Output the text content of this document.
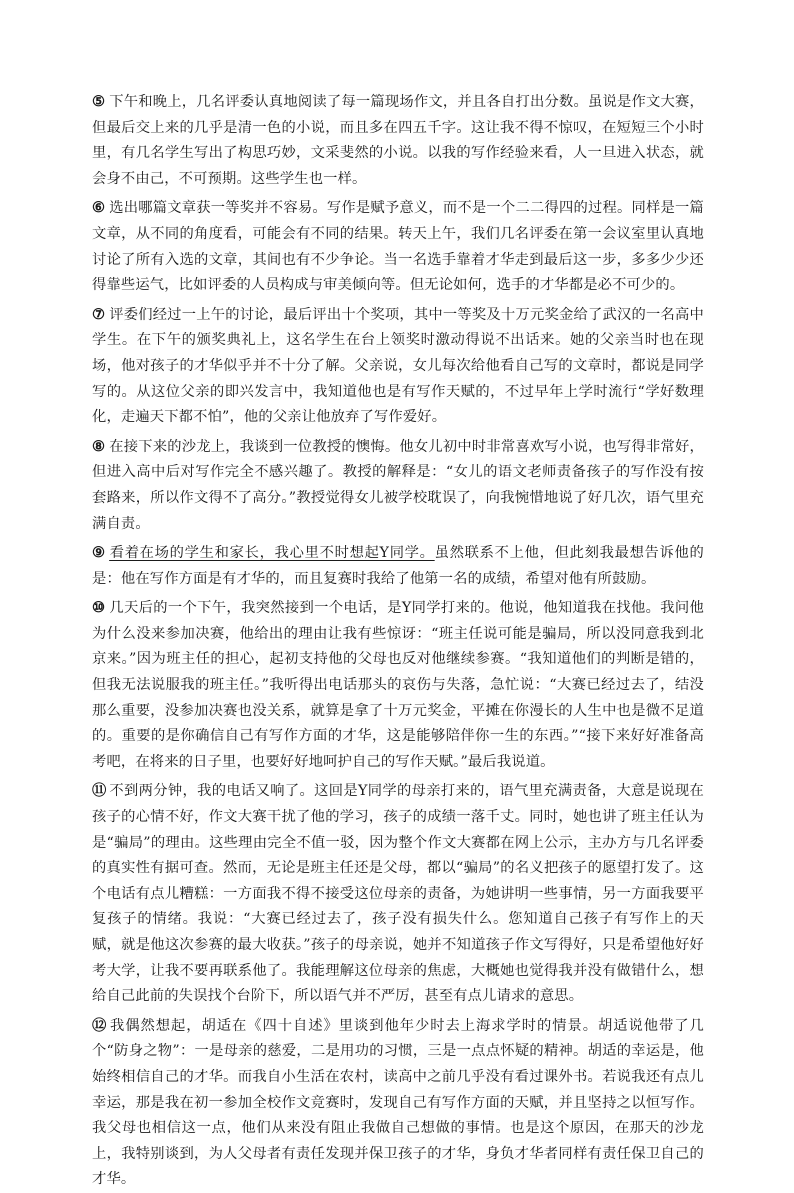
⑤ 下午和晚上，几名评委认真地阅读了每一篇现场作文，并且各自打出分数。虽说是作文大赛，但最后交上来的几乎是清一色的小说，而且多在四五千字。这让我不得不惊叹，在短短三个小时里，有几名学生写出了构思巧妙，文采斐然的小说。以我的写作经验来看，人一旦进入状态，就会身不由己，不可预期。这些学生也一样。

⑥ 选出哪篇文章获一等奖并不容易。写作是赋予意义，而不是一个二二得四的过程。同样是一篇文章，从不同的角度看，可能会有不同的结果。转天上午，我们几名评委在第一会议室里认真地讨论了所有入选的文章，其间也有不少争论。当一名选手靠着才华走到最后这一步，多多少少还得靠些运气，比如评委的人员构成与审美倾向等。但无论如何，选手的才华都是必不可少的。

⑦ 评委们经过一上午的讨论，最后评出十个奖项，其中一等奖及十万元奖金给了武汉的一名高中学生。在下午的颁奖典礼上，这名学生在台上领奖时激动得说不出话来。她的父亲当时也在现场，他对孩子的才华似乎并不十分了解。父亲说，女儿每次给他看自己写的文章时，都说是同学写的。从这位父亲的即兴发言中，我知道他也是有写作天赋的，不过早年上学时流行“学好数理化，走遍天下都不怕”，他的父亲让他放弃了写作爱好。

⑧ 在接下来的沙龙上，我谈到一位教授的懊悔。他女儿初中时非常喜欢写小说，也写得非常好，但进入高中后对写作完全不感兴趣了。教授的解释是：“女儿的语文老师责备孩子的写作没有按套路来，所以作文得不了高分。”教授觉得女儿被学校耽误了，向我惋惜地说了好几次，语气里充满自责。

⑨ 看着在场的学生和家长，我心里不时想起Y同学。虽然联系不上他，但此刻我最想告诉他的是：他在写作方面是有才华的，而且复赛时我给了他第一名的成绩，希望对他有所鼓励。

⑩ 几天后的一个下午，我突然接到一个电话，是Y同学打来的。他说，他知道我在找他。我问他为什么没来参加决赛，他给出的理由让我有些惊讶：“班主任说可能是骗局，所以没同意我到北京来。”因为班主任的担心，起初支持他的父母也反对他继续参赛。“我知道他们的判断是错的，但我无法说服我的班主任。”我听得出电话那头的哀伤与失落，急忙说：“大赛已经过去了，结没那么重要，没参加决赛也没关系，就算是拿了十万元奖金，平摊在你漫长的人生中也是微不足道的。重要的是你确信自己有写作方面的才华，这是能够陪伴你一生的东西。”“接下来好好准备高考吧，在将来的日子里，也要好好地呵护自己的写作天赋。”最后我说道。

⑪ 不到两分钟，我的电话又响了。这回是Y同学的母亲打来的，语气里充满责备，大意是说现在孩子的心情不好，作文大赛干扰了他的学习，孩子的成绩一落千丈。同时，她也讲了班主任认为是“骗局”的理由。这些理由完全不值一驳，因为整个作文大赛都在网上公示，主办方与几名评委的真实性有据可查。然而，无论是班主任还是父母，都以“骗局”的名义把孩子的愿望打发了。这个电话有点儿糟糕：一方面我不得不接受这位母亲的责备，为她讲明一些事情，另一方面我要平复孩子的情绪。我说：“大赛已经过去了，孩子没有损失什么。您知道自己孩子有写作上的天赋，就是他这次参赛的最大收获。”孩子的母亲说，她并不知道孩子作文写得好，只是希望他好好考大学，让我不要再联系他了。我能理解这位母亲的焦虑，大概她也觉得我并没有做错什么，想给自己此前的失误找个台阶下，所以语气并不严厉，甚至有点儿请求的意思。

⑫ 我偶然想起，胡适在《四十自述》里谈到他年少时去上海求学时的情景。胡适说他带了几个“防身之物”：一是母亲的慈爱，二是用功的习惯，三是一点点怀疑的精神。胡适的幸运是，他始终相信自己的才华。而我自小生活在农村，读高中之前几乎没有看过课外书。若说我还有点儿幸运，那是我在初一参加全校作文竞赛时，发现自己有写作方面的天赋，并且坚持之以恒写作。我父母也相信这一点，他们从来没有阻止我做自己想做的事情。也是这个原因，在那天的沙龙上，我特别谈到，为人父母者有责任发现并保卫孩子的才华，身负才华者同样有责任保卫自己的才华。
